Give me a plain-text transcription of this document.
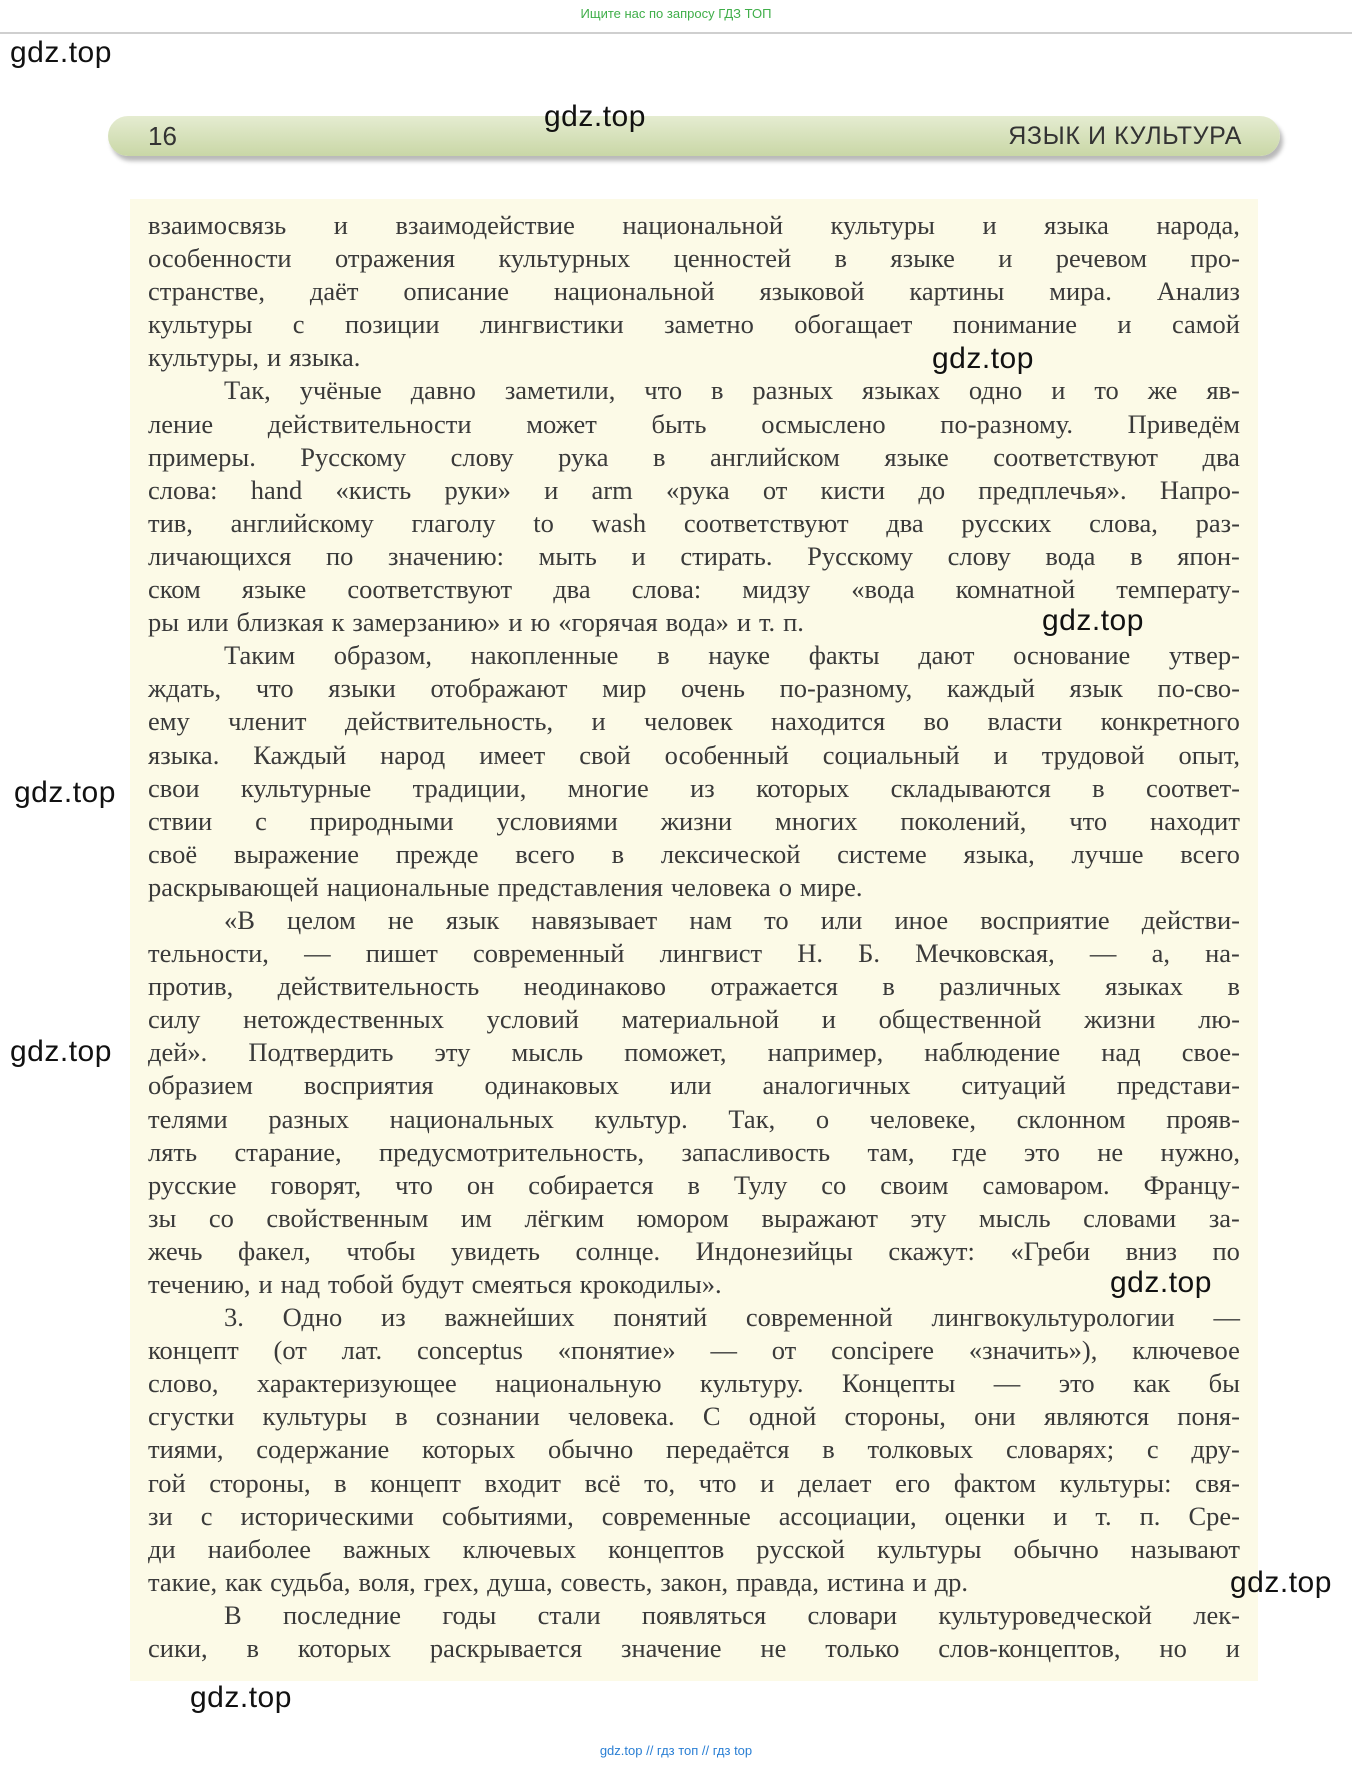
Ищите нас по запросу ГДЗ ТОП
gdz.top
16	ЯЗЫК И КУЛЬТУРА
gdz.top
взаимосвязь и взаимодействие национальной культуры и языка народа,
особенности отражения культурных ценностей в языке и речевом про-
странстве, даёт описание национальной языковой картины мира. Анализ
культуры с позиции лингвистики заметно обогащает понимание и самой
культуры, и языка.
Так, учёные давно заметили, что в разных языках одно и то же яв-
ление действительности может быть осмыслено по-разному. Приведём
примеры. Русскому слову рука в английском языке соответствуют два
слова: hand «кисть руки» и arm «рука от кисти до предплечья». Напро-
тив, английскому глаголу to wash соответствуют два русских слова, раз-
личающихся по значению: мыть и стирать. Русскому слову вода в япон-
ском языке соответствуют два слова: мидзу «вода комнатной температу-
ры или близкая к замерзанию» и ю «горячая вода» и т. п.
Таким образом, накопленные в науке факты дают основание утвер-
ждать, что языки отображают мир очень по-разному, каждый язык по-сво-
ему членит действительность, и человек находится во власти конкретного
языка. Каждый народ имеет свой особенный социальный и трудовой опыт,
свои культурные традиции, многие из которых складываются в соответ-
ствии с природными условиями жизни многих поколений, что находит
своё выражение прежде всего в лексической системе языка, лучше всего
раскрывающей национальные представления человека о мире.
«В целом не язык навязывает нам то или иное восприятие действи-
тельности, — пишет современный лингвист Н. Б. Мечковская, — а, на-
против, действительность неодинаково отражается в различных языках в
силу нетождественных условий материальной и общественной жизни лю-
дей». Подтвердить эту мысль поможет, например, наблюдение над свое-
образием восприятия одинаковых или аналогичных ситуаций представи-
телями разных национальных культур. Так, о человеке, склонном прояв-
лять старание, предусмотрительность, запасливость там, где это не нужно,
русские говорят, что он собирается в Тулу со своим самоваром. Францу-
зы со свойственным им лёгким юмором выражают эту мысль словами за-
жечь факел, чтобы увидеть солнце. Индонезийцы скажут: «Греби вниз по
течению, и над тобой будут смеяться крокодилы».
3. Одно из важнейших понятий современной лингвокультурологии —
концепт (от лат. conceptus «понятие» — от concipere «значить»), ключевое
слово, характеризующее национальную культуру. Концепты — это как бы
сгустки культуры в сознании человека. С одной стороны, они являются поня-
тиями, содержание которых обычно передаётся в толковых словарях; с дру-
гой стороны, в концепт входит всё то, что и делает его фактом культуры: свя-
зи с историческими событиями, современные ассоциации, оценки и т. п. Сре-
ди наиболее важных ключевых концептов русской культуры обычно называют
такие, как судьба, воля, грех, душа, совесть, закон, правда, истина и др.
В последние годы стали появляться словари культуроведческой лек-
сики, в которых раскрывается значение не только слов-концептов, но и
gdz.top
gdz.top
gdz.top
gdz.top
gdz.top
gdz.top
gdz.top
gdz.top // гдз топ // гдз top
